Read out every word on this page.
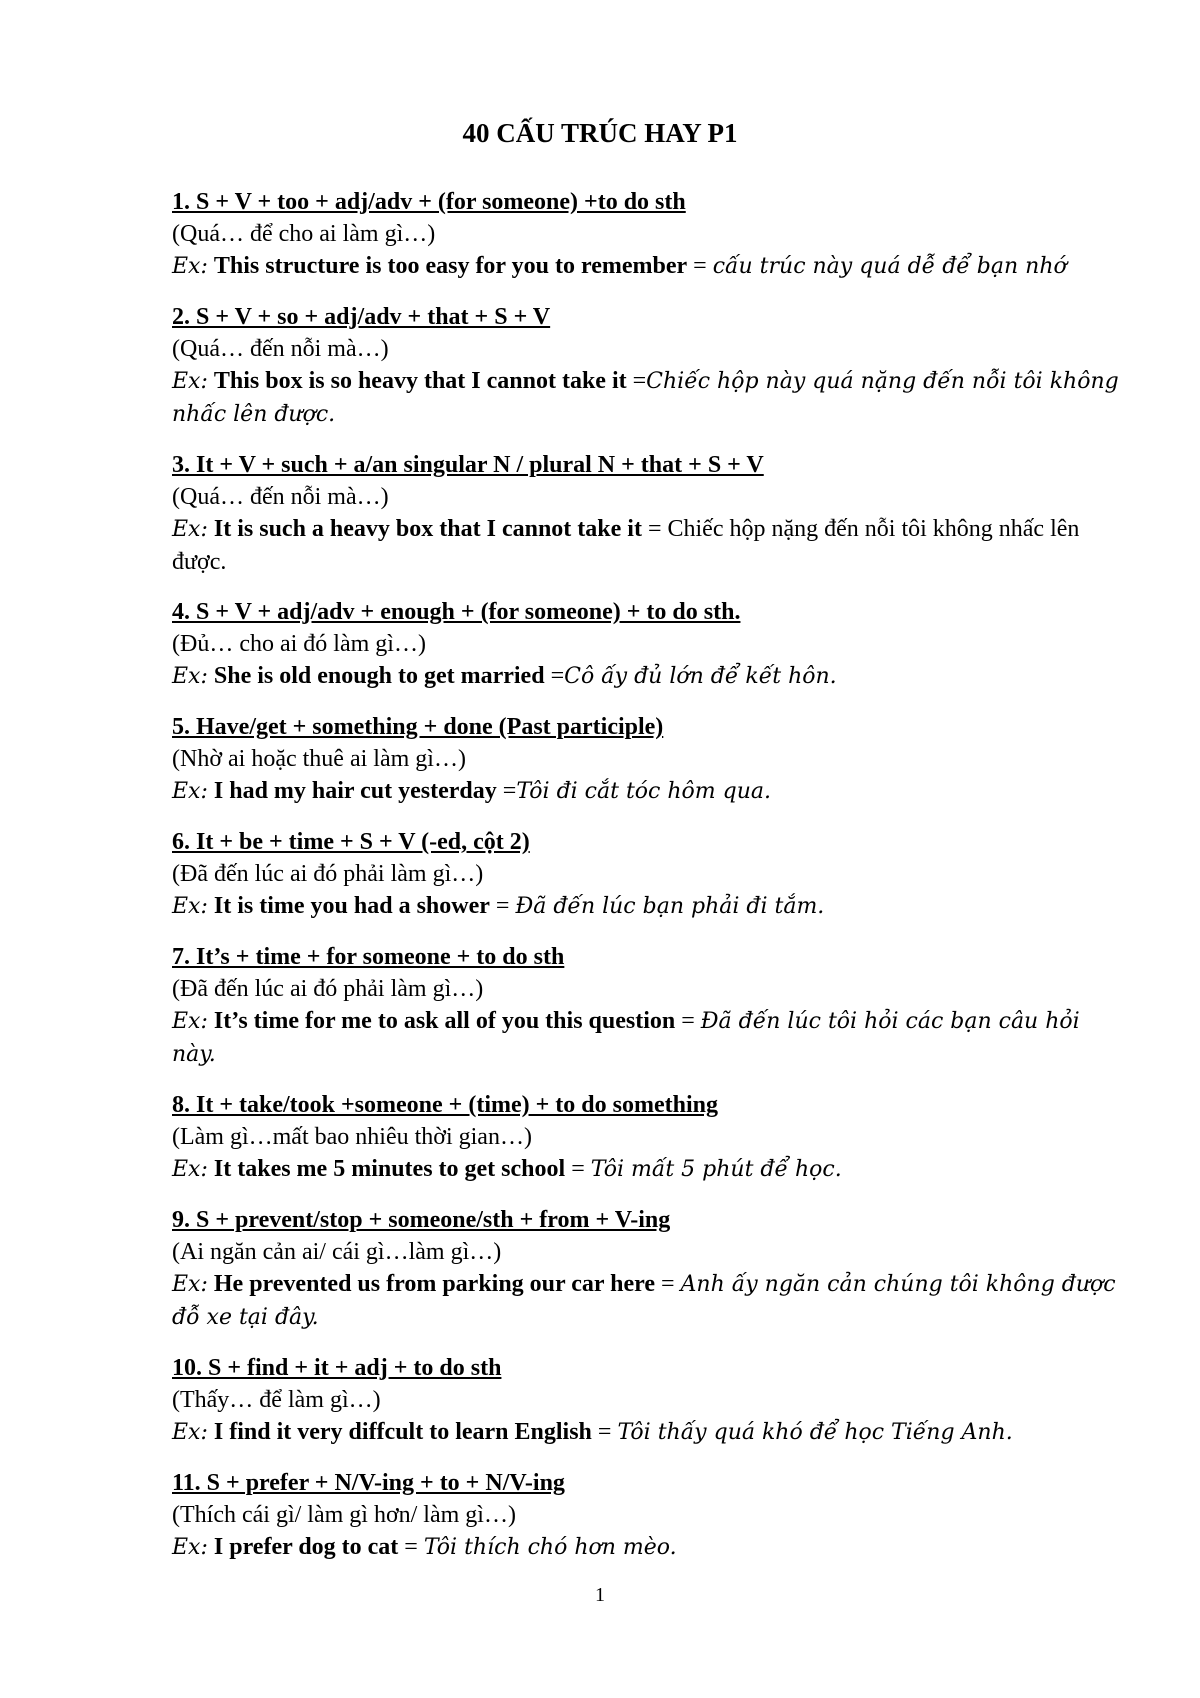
40 CẤU TRÚC HAY P1

1. S + V + too + adj/adv + (for someone) +to do sth

(Quá… để cho ai làm gì…)

Ex: This structure is too easy for you to remember = cấu trúc này quá dễ để bạn nhớ

2. S + V + so + adj/adv + that + S + V

(Quá… đến nỗi mà…)

Ex: This box is so heavy that I cannot take it =Chiếc hộp này quá nặng đến nỗi tôi không nhấc lên được.

3. It + V + such + a/an singular N / plural N + that + S + V

(Quá… đến nỗi mà…)

Ex: It is such a heavy box that I cannot take it = Chiếc hộp nặng đến nỗi tôi không nhấc lên được.

4. S + V + adj/adv + enough + (for someone) + to do sth.

(Đủ… cho ai đó làm gì…)

Ex: She is old enough to get married =Cô ấy đủ lớn để kết hôn.

5. Have/get + something + done (Past participle)

(Nhờ ai hoặc thuê ai làm gì…)

Ex: I had my hair cut yesterday =Tôi đi cắt tóc hôm qua.

6. It + be + time + S + V (-ed, cột 2)

(Đã đến lúc ai đó phải làm gì…)

Ex: It is time you had a shower = Đã đến lúc bạn phải đi tắm.

7. It’s + time + for someone + to do sth

(Đã đến lúc ai đó phải làm gì…)

Ex: It’s time for me to ask all of you this question = Đã đến lúc tôi hỏi các bạn câu hỏi này.

8. It + take/took +someone + (time) + to do something

(Làm gì…mất bao nhiêu thời gian…)

Ex: It takes me 5 minutes to get school = Tôi mất 5 phút để học.

9. S + prevent/stop + someone/sth + from + V-ing

(Ai ngăn cản ai/ cái gì…làm gì…)

Ex: He prevented us from parking our car here = Anh ấy ngăn cản chúng tôi không được đỗ xe tại đây.

10. S + find + it + adj + to do sth

(Thấy… để làm gì…)

Ex: I find it very diffcult to learn English = Tôi thấy quá khó để học Tiếng Anh.

11. S + prefer + N/V-ing + to + N/V-ing

(Thích cái gì/ làm gì hơn/ làm gì…)

Ex: I prefer dog to cat = Tôi thích chó hơn mèo.

1
